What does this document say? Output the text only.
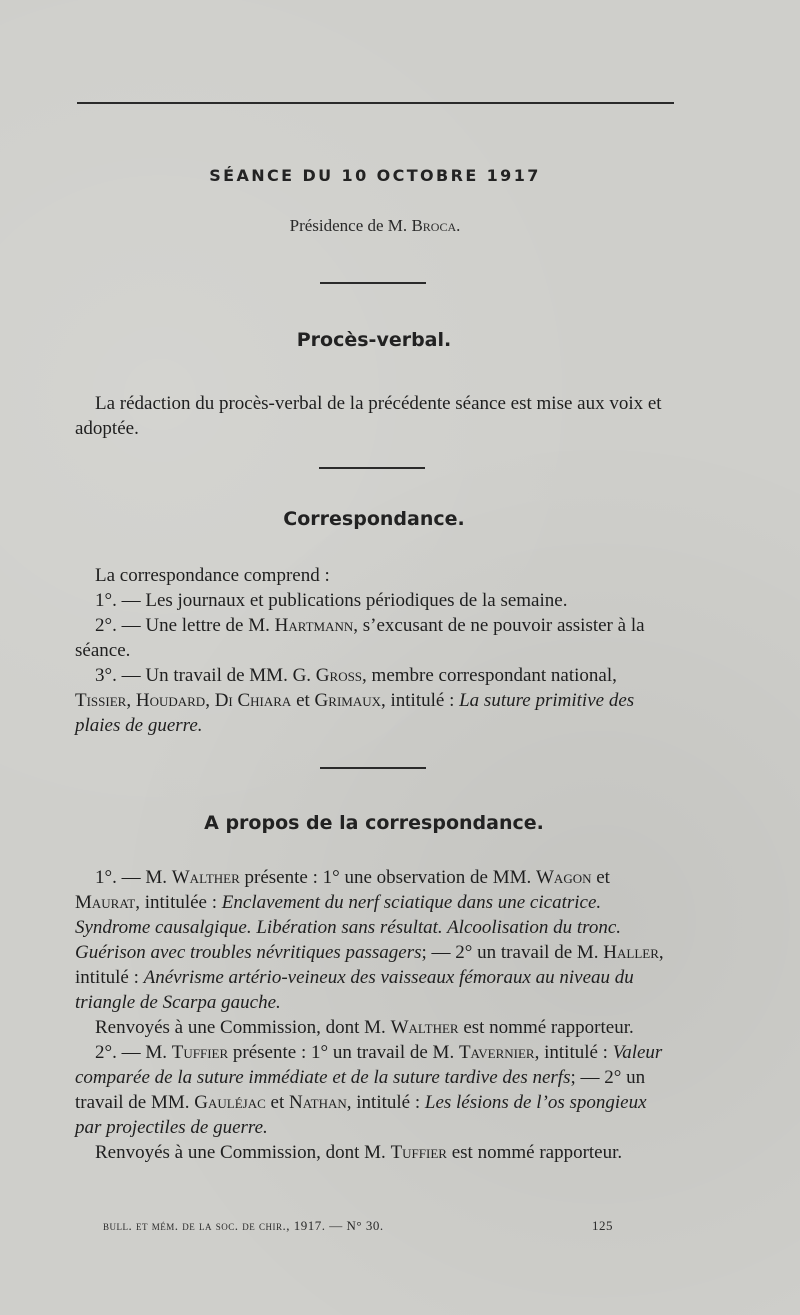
SÉANCE DU 10 OCTOBRE 1917
Présidence de M. Broca.
Procès-verbal.

La rédaction du procès-verbal de la précédente séance est mise aux voix et adoptée.

Correspondance.

La correspondance comprend :

1°. — Les journaux et publications périodiques de la semaine.

2°. — Une lettre de M. Hartmann, s’excusant de ne pouvoir assister à la séance.

3°. — Un travail de MM. G. Gross, membre correspondant national, Tissier, Houdard, Di Chiara et Grimaux, intitulé : La suture primitive des plaies de guerre.

A propos de la correspondance.

1°. — M. Walther présente : 1° une observation de MM. Wagon et Maurat, intitulée : Enclavement du nerf sciatique dans une cicatrice. Syndrome causalgique. Libération sans résultat. Alcoolisation du tronc. Guérison avec troubles névritiques passagers; — 2° un travail de M. Haller, intitulé : Anévrisme artério-veineux des vaisseaux fémoraux au niveau du triangle de Scarpa gauche.

Renvoyés à une Commission, dont M. Walther est nommé rapporteur.

2°. — M. Tuffier présente : 1° un travail de M. Tavernier, intitulé : Valeur comparée de la suture immédiate et de la suture tardive des nerfs; — 2° un travail de MM. Gauléjac et Nathan, intitulé : Les lésions de l’os spongieux par projectiles de guerre.

Renvoyés à une Commission, dont M. Tuffier est nommé rapporteur.

bull. et mém. de la soc. de chir., 1917. — N° 30.	125
